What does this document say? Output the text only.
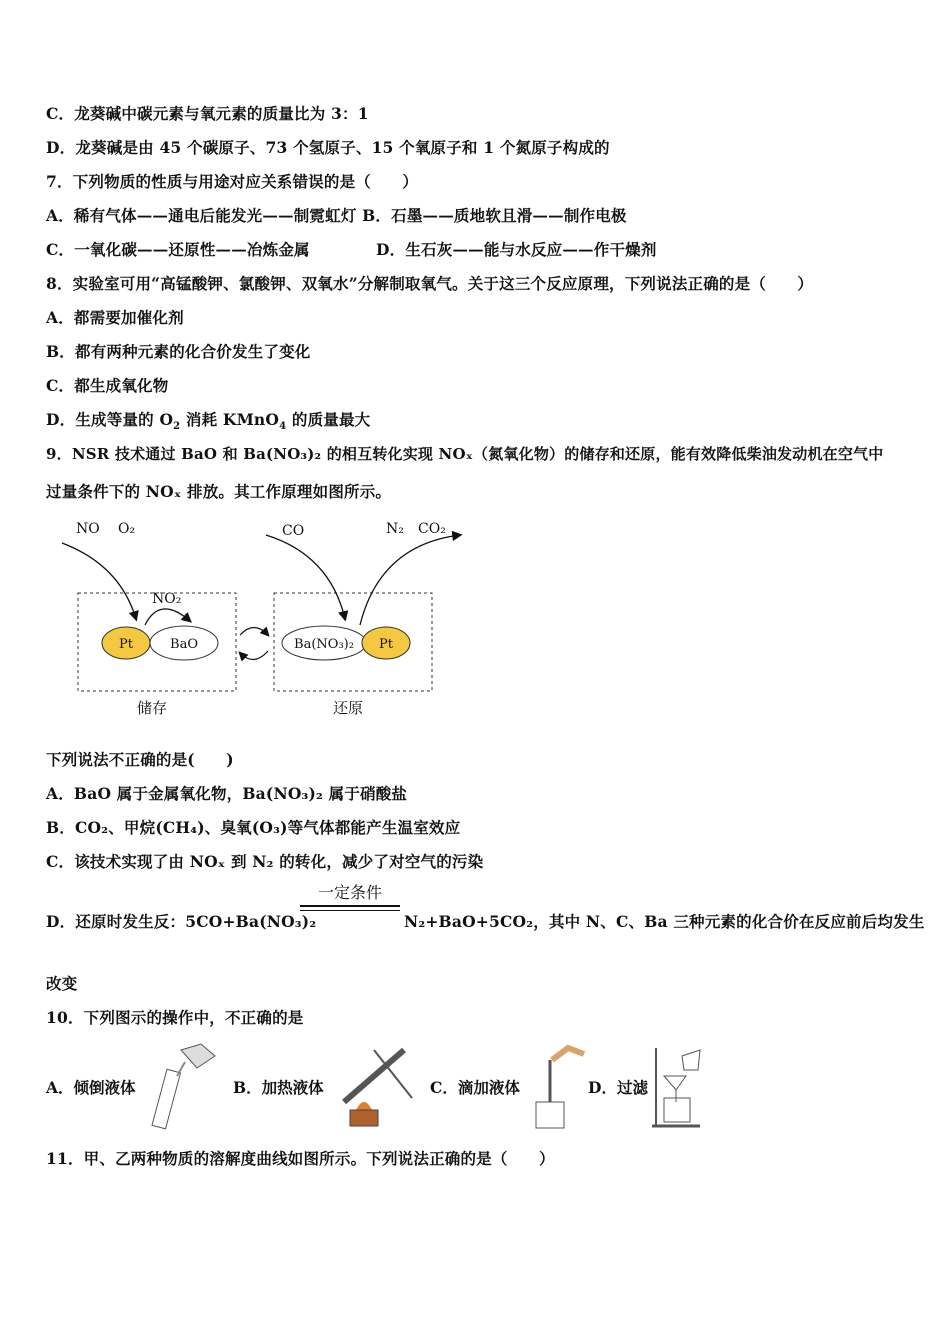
C．龙葵碱中碳元素与氧元素的质量比为 3：1
D．龙葵碱是由 45 个碳原子、73 个氢原子、15 个氧原子和 1 个氮原子构成的
7．下列物质的性质与用途对应关系错误的是（　　）
A．稀有气体——通电后能发光——制霓虹灯 B．石墨——质地软且滑——制作电极
C．一氧化碳——还原性——冶炼金属	D．生石灰——能与水反应——作干燥剂
8．实验室可用“高锰酸钾、氯酸钾、双氧水”分解制取氧气。关于这三个反应原理，下列说法正确的是（　　）
A．都需要加催化剂
B．都有两种元素的化合价发生了变化
C．都生成氧化物
D．生成等量的 $O_2$ 消耗 KMnO$_4$ 的质量最大
9．NSR 技术通过 BaO 和 Ba(NO₃)₂ 的相互转化实现 NOₓ（氮氧化物）的储存和还原，能有效降低柴油发动机在空气中
过量条件下的 NOₓ 排放。其工作原理如图所示。
NO O₂
NO₂
CO	N₂ CO₂
Pt	BaO	Ba(NO₃)₂ Pt
储存	还原
下列说法不正确的是(　　)
A．BaO 属于金属氧化物，Ba(NO₃)₂ 属于硝酸盐
B．CO₂、甲烷(CH₄)、臭氧(O₃)等气体都能产生温室效应
C．该技术实现了由 NOₓ 到 N₂ 的转化，减少了对空气的污染
一定条件
D．还原时发生反：5CO+Ba(NO₃)₂	N₂+BaO+5CO₂，其中 N、C、Ba 三种元素的化合价在反应前后均发生
改变
10．下列图示的操作中，不正确的是
A．倾倒液体	B．加热液体	C．滴加液体	D．过滤
11．甲、乙两种物质的溶解度曲线如图所示。下列说法正确的是（　　）
